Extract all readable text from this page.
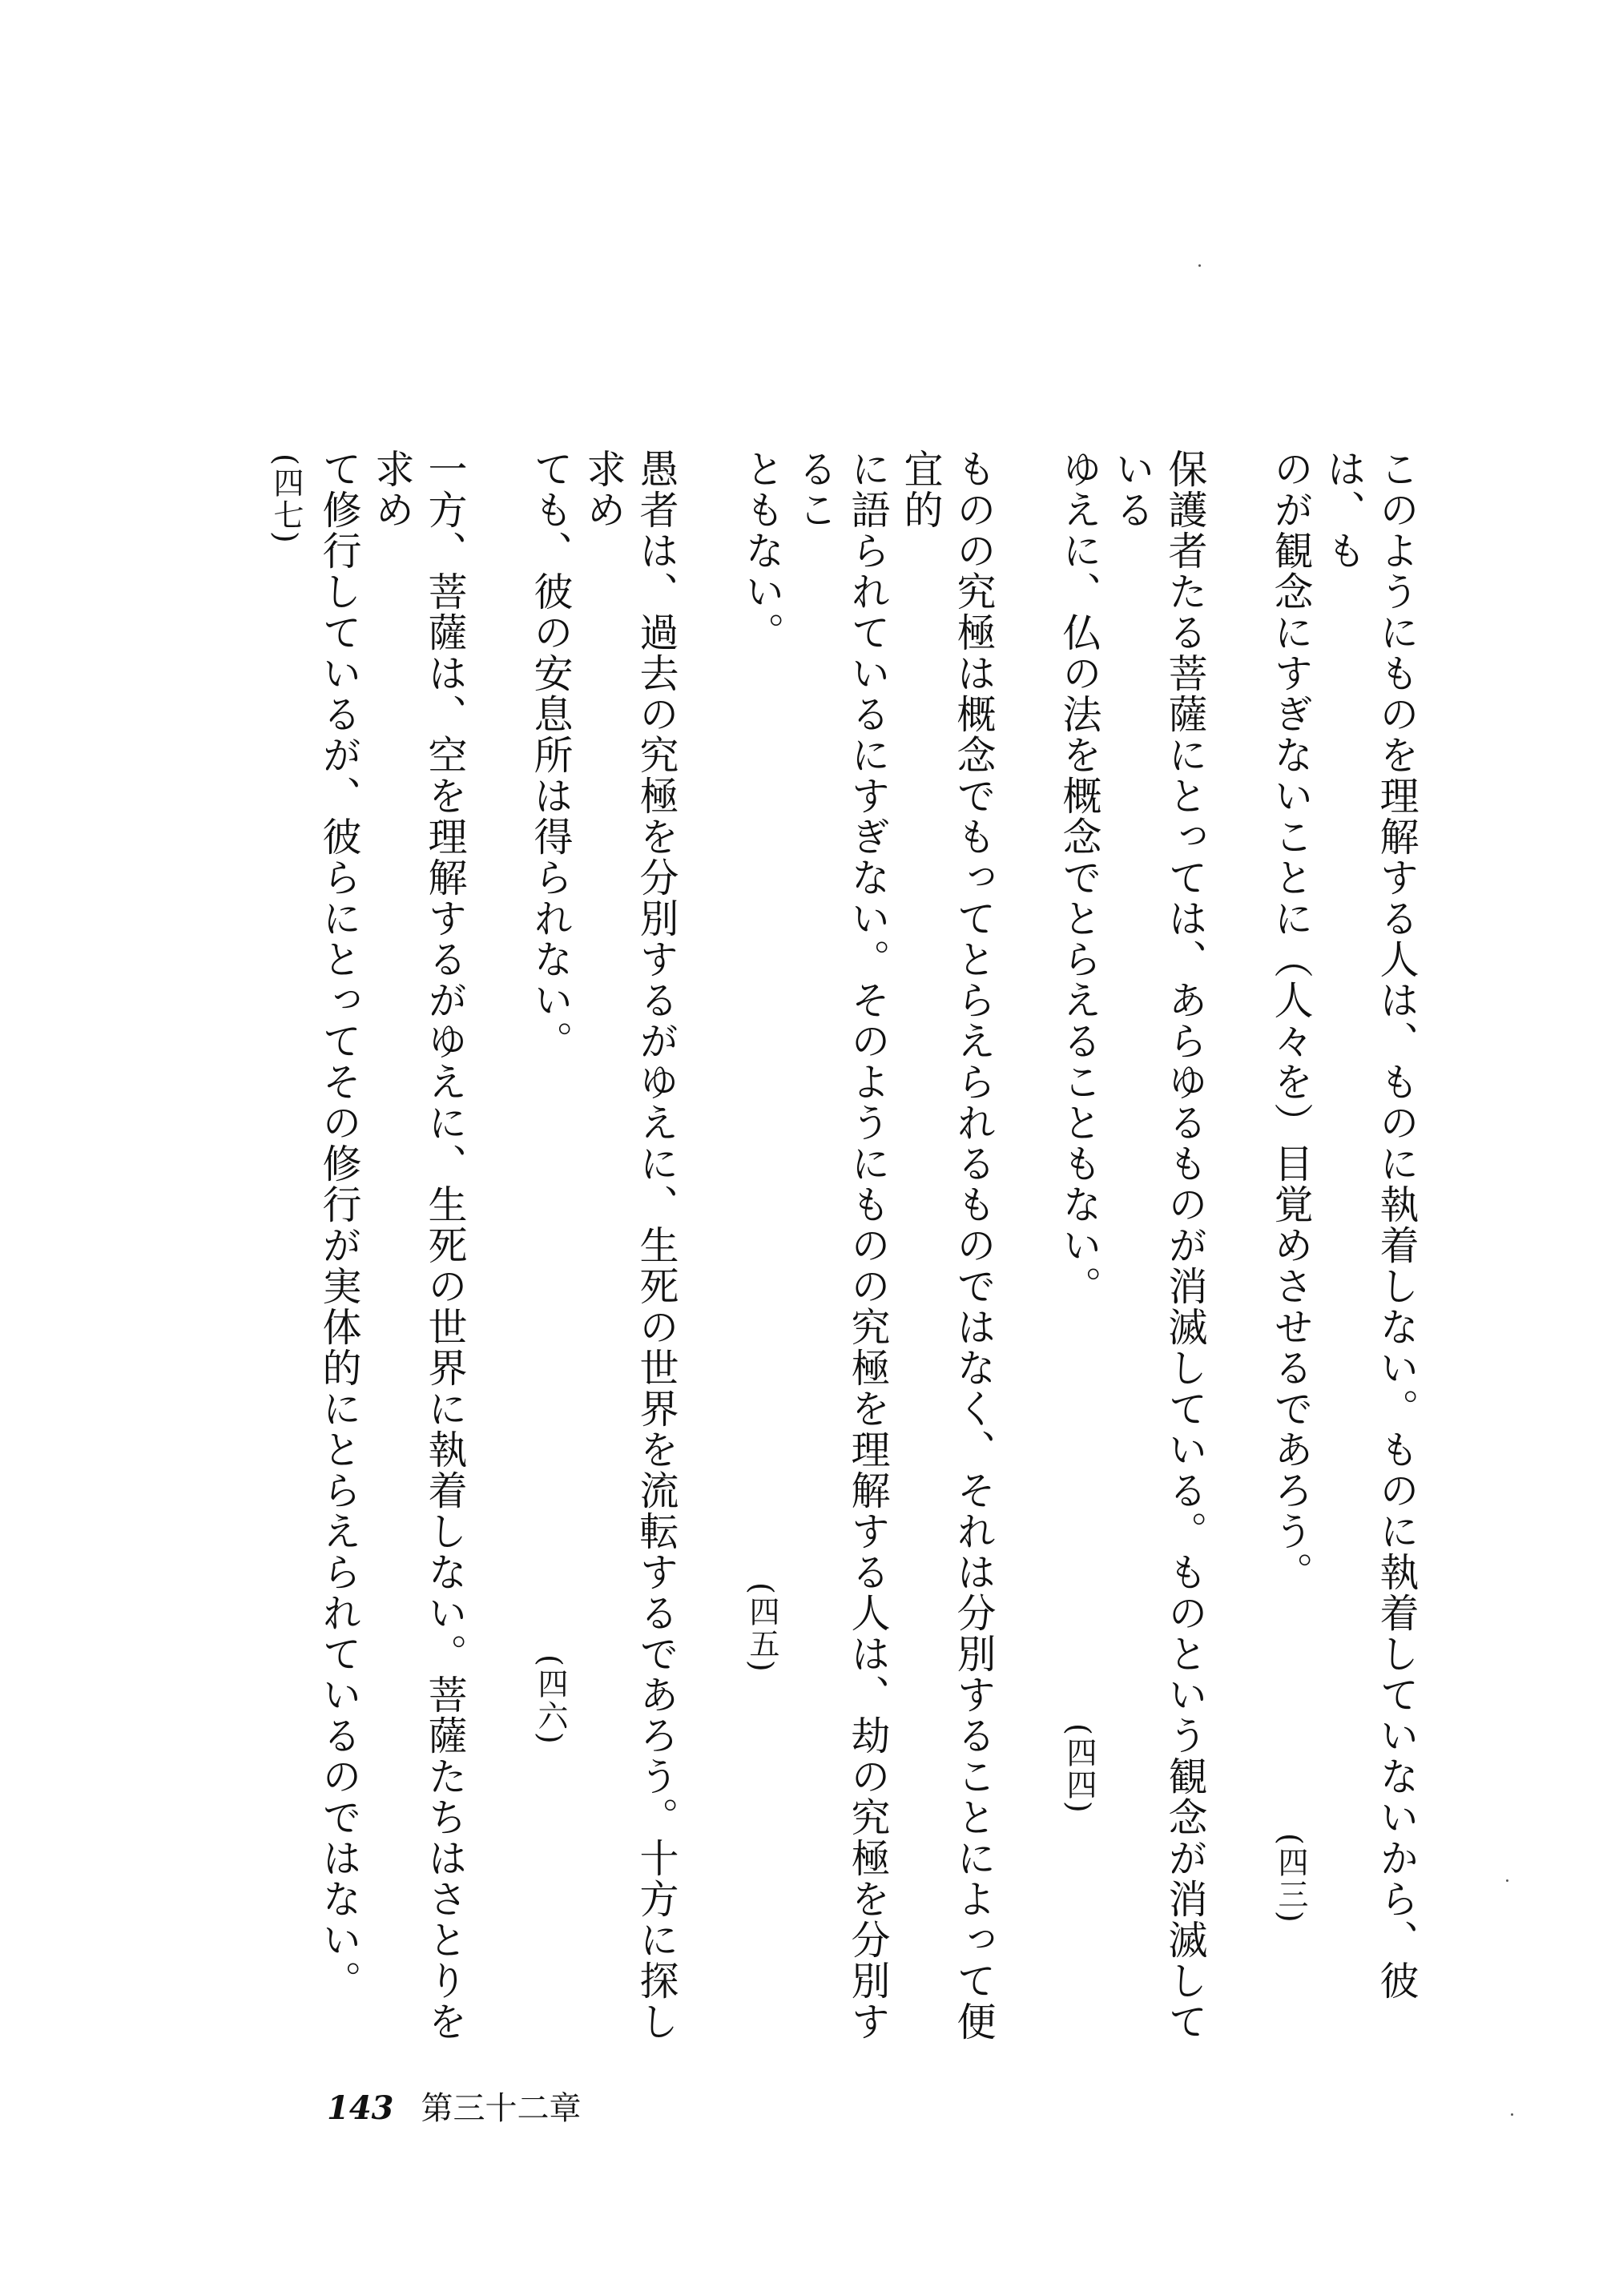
このようにものを理解する人は、ものに執着しない。ものに執着していないから、彼は、も
のが観念にすぎないことに（人々を）目覚めさせるであろう。(四三)
保護者たる菩薩にとっては、あらゆるものが消滅している。ものという観念が消滅している
ゆえに、仏の法を概念でとらえることもない。(四四)
ものの究極は概念でもってとらえられるものではなく、それは分別することによって便宜的
に語られているにすぎない。そのようにものの究極を理解する人は、劫の究極を分別するこ
ともない。(四五)
愚者は、過去の究極を分別するがゆえに、生死の世界を流転するであろう。十方に探し求め
ても、彼の安息所は得られない。(四六)
一方、菩薩は、空を理解するがゆえに、生死の世界に執着しない。菩薩たちはさとりを求め
て修行しているが、彼らにとってその修行が実体的にとらえられているのではない。(四七)
143 第三十二章
